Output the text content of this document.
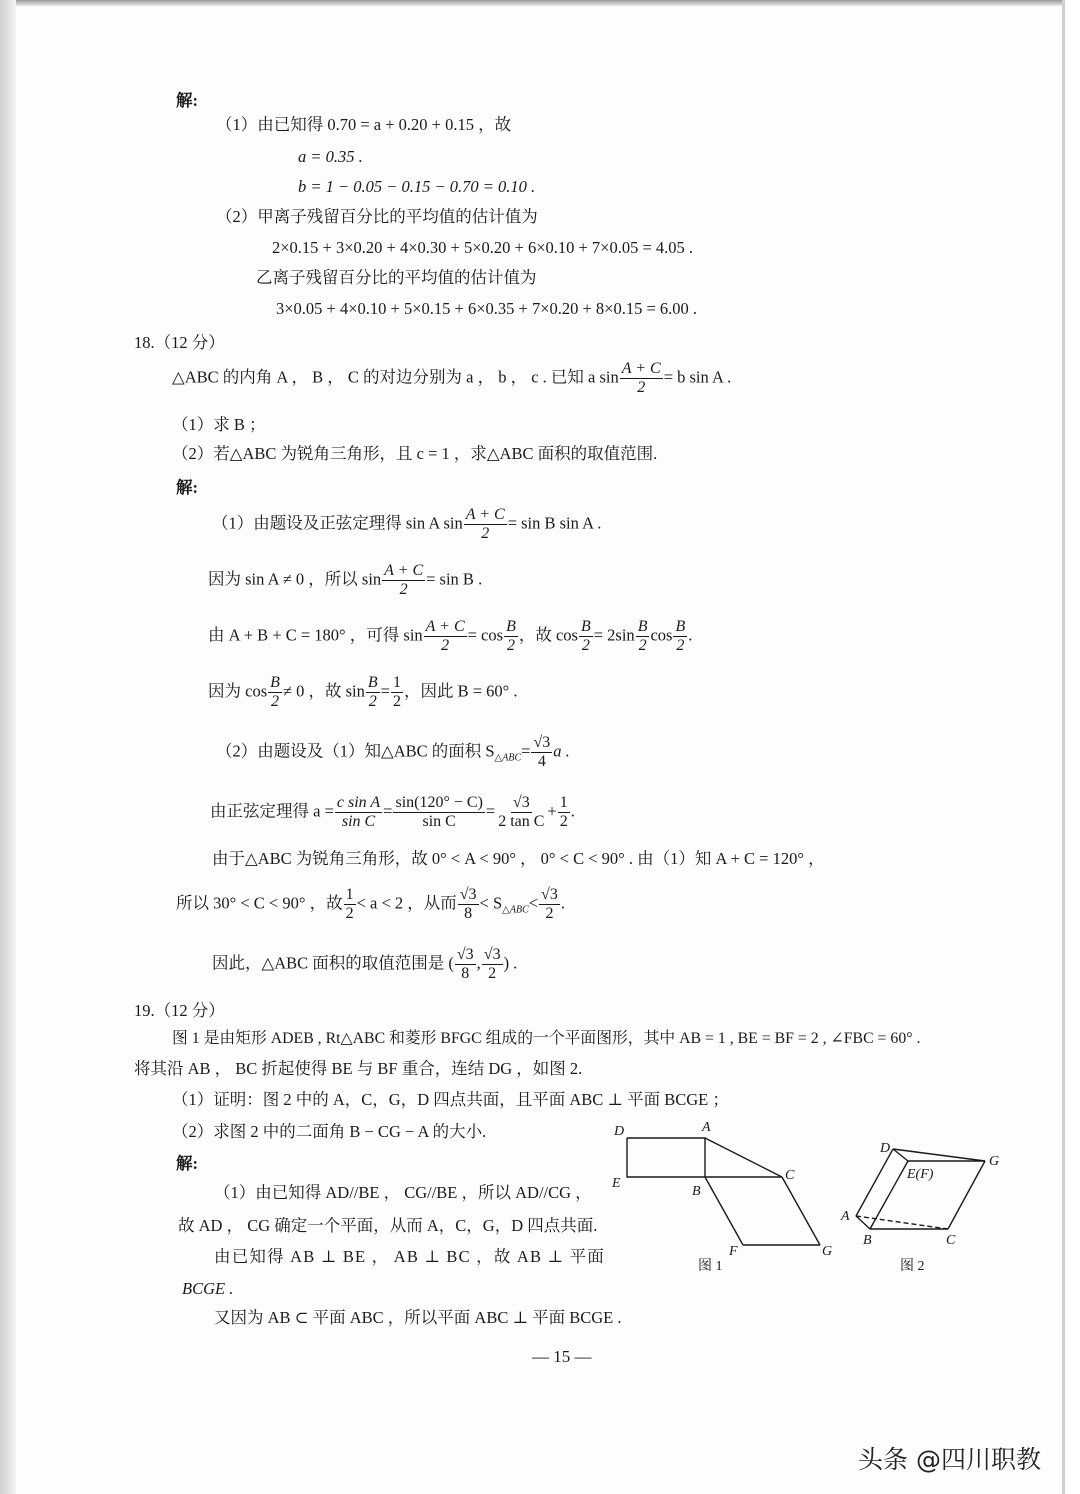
解:
（1）由已知得 0.70 = a + 0.20 + 0.15 ，故
a = 0.35 .
b = 1 − 0.05 − 0.15 − 0.70 = 0.10 .
（2）甲离子残留百分比的平均值的估计值为
2×0.15 + 3×0.20 + 4×0.30 + 5×0.20 + 6×0.10 + 7×0.05 = 4.05 .
乙离子残留百分比的平均值的估计值为
3×0.05 + 4×0.10 + 5×0.15 + 6×0.35 + 7×0.20 + 8×0.15 = 6.00 .
18.（12 分）
△ABC 的内角 A ， B ， C 的对边分别为 a ， b ， c . 已知 a $\sin \frac{A + C}{2} = b$ sin A .
（1）求 B ；
（2）若△ABC 为锐角三角形，且 c = 1 ，求△ABC 面积的取值范围.
解:
（1）由题设及正弦定理得 sin A $\sin \frac{A + C}{2} = \sin B$ sin A .
因为 sin A ≠ 0 ，所以 $\sin \frac{A + C}{2} = \sin B$ .
由 A + B + C = 180° ，可得 $\sin \frac{A + C}{2} = \cos \frac{B}{2}$ ，故 $\cos \frac{B}{2} = 2\sin \frac{B}{2}$ $\cos \frac{B}{2}$ .
因为 $\cos \frac{B}{2} \ne 0$ ，故 $\sin \frac{B}{2} = \frac{1}{2}$ ，因此 B = 60° .
（2）由题设及（1）知△ABC 的面积 $S_{\triangle ABC}= \frac{√3}{4}$ a .
由正弦定理得 $a = \frac{\text{c sin A}}{\text{sin C}} = \frac{\sin(120^\circ - C)}{\text{sin C}} = \frac{√3}{\text{2 tan C}} + \frac{1}{2}$ .
由于△ABC 为锐角三角形，故 0° < A < 90° ， 0° < C < 90° . 由（1）知 A + C = 120° ，
所以 30° < C < 90° ，故 $\frac{1}{2} < a < 2$ ，从而 $\frac{√3}{8} < S_{\triangle ABC}< \frac{√3}{2}$ .
因此，△ABC 面积的取值范围是 ( $\frac{√3}{8}$ , $\frac{√3}{2}$ ) .
19.（12 分）
图 1 是由矩形 ADEB , Rt△ABC 和菱形 BFGC 组成的一个平面图形，其中 AB = 1 , BE = BF = 2 , ∠FBC = 60° .
将其沿 AB ， BC 折起使得 BE 与 BF 重合，连结 DG ，如图 2.
（1）证明：图 2 中的 A，C，G，D 四点共面，且平面 ABC ⊥ 平面 BCGE ；
（2）求图 2 中的二面角 B − CG − A 的大小.
解:
（1）由已知得 AD//BE ， CG//BE ，所以 AD//CG ，
故 AD ， CG 确定一个平面，从而 A，C，G，D 四点共面.
由已知得 AB ⊥ BE ， AB ⊥ BC ，故 AB ⊥ 平面
BCGE .
又因为 AB ⊂ 平面 ABC ，所以平面 ABC ⊥ 平面 BCGE .
D	A
E
B
C
F	G
图 1
D
E(F)
G
A
B	C
图 2
— 15 —
头条 @四川职教
